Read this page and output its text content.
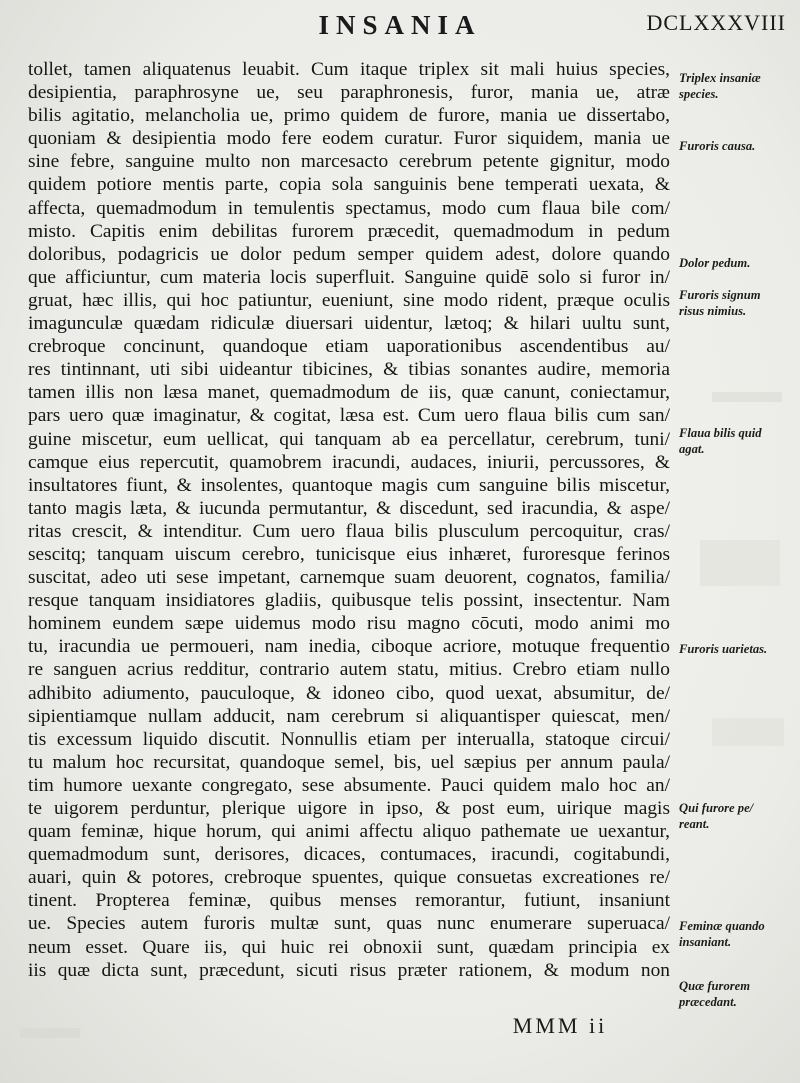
INSANIA	DCLXXXVIII
tollet, tamen aliquatenus leuabit. Cum itaque triplex sit mali huius species,
desipientia, paraphrosyne ue, seu paraphronesis, furor, mania ue, atræ
bilis agitatio, melancholia ue, primo quidem de furore, mania ue dissertabo,
quoniam & desipientia modo fere eodem curatur. Furor siquidem, mania ue
sine febre, sanguine multo non marcesacto cerebrum petente gignitur, modo
quidem potiore mentis parte, copia sola sanguinis bene temperati uexata, &
affecta, quemadmodum in temulentis spectamus, modo cum flaua bile com/
misto. Capitis enim debilitas furorem præcedit, quemadmodum in pedum
doloribus, podagricis ue dolor pedum semper quidem adest, dolore quando
que afficiuntur, cum materia locis superfluit. Sanguine quidē solo si furor in/
gruat, hæc illis, qui hoc patiuntur, eueniunt, sine modo rident, præque oculis
imagunculæ quædam ridiculæ diuersari uidentur, lætoq; & hilari uultu sunt,
crebroque concinunt, quandoque etiam uaporationibus ascendentibus au/
res tintinnant, uti sibi uideantur tibicines, & tibias sonantes audire, memoria
tamen illis non læsa manet, quemadmodum de iis, quæ canunt, coniectamur,
pars uero quæ imaginatur, & cogitat, læsa est. Cum uero flaua bilis cum san/
guine miscetur, eum uellicat, qui tanquam ab ea percellatur, cerebrum, tuni/
camque eius repercutit, quamobrem iracundi, audaces, iniurii, percussores, &
insultatores fiunt, & insolentes, quantoque magis cum sanguine bilis miscetur,
tanto magis læta, & iucunda permutantur, & discedunt, sed iracundia, & aspe/
ritas crescit, & intenditur. Cum uero flaua bilis plusculum percoquitur, cras/
sescitq; tanquam uiscum cerebro, tunicisque eius inhæret, furoresque ferinos
suscitat, adeo uti sese impetant, carnemque suam deuorent, cognatos, familia/
resque tanquam insidiatores gladiis, quibusque telis possint, insectentur. Nam
hominem eundem sæpe uidemus modo risu magno cōcuti, modo animi mo
tu, iracundia ue permoueri, nam inedia, ciboque acriore, motuque frequentio
re sanguen acrius redditur, contrario autem statu, mitius. Crebro etiam nullo
adhibito adiumento, pauculoque, & idoneo cibo, quod uexat, absumitur, de/
sipientiamque nullam adducit, nam cerebrum si aliquantisper quiescat, men/
tis excessum liquido discutit. Nonnullis etiam per interualla, statoque circui/
tu malum hoc recursitat, quandoque semel, bis, uel sæpius per annum paula/
tim humore uexante congregato, sese absumente. Pauci quidem malo hoc an/
te uigorem perduntur, plerique uigore in ipso, & post eum, uirique magis
quam feminæ, hique horum, qui animi affectu aliquo pathemate ue uexantur,
quemadmodum sunt, derisores, dicaces, contumaces, iracundi, cogitabundi,
auari, quin & potores, crebroque spuentes, quique consuetas excreationes re/
tinent. Propterea feminæ, quibus menses remorantur, futiunt, insaniunt
ue. Species autem furoris multæ sunt, quas nunc enumerare superuaca/
neum esset. Quare iis, qui huic rei obnoxii sunt, quædam principia ex
iis quæ dicta sunt, præcedunt, sicuti risus præter rationem, & modum non
Triplex insaniæ
species.
Furoris causa.
Dolor pedum.
Furoris signum
risus nimius.
Flaua bilis quid
agat.
Furoris uarietas.
Qui furore pe/
reant.
Feminæ quando
insaniant.
Quæ furorem
præcedant.
MMM ii
